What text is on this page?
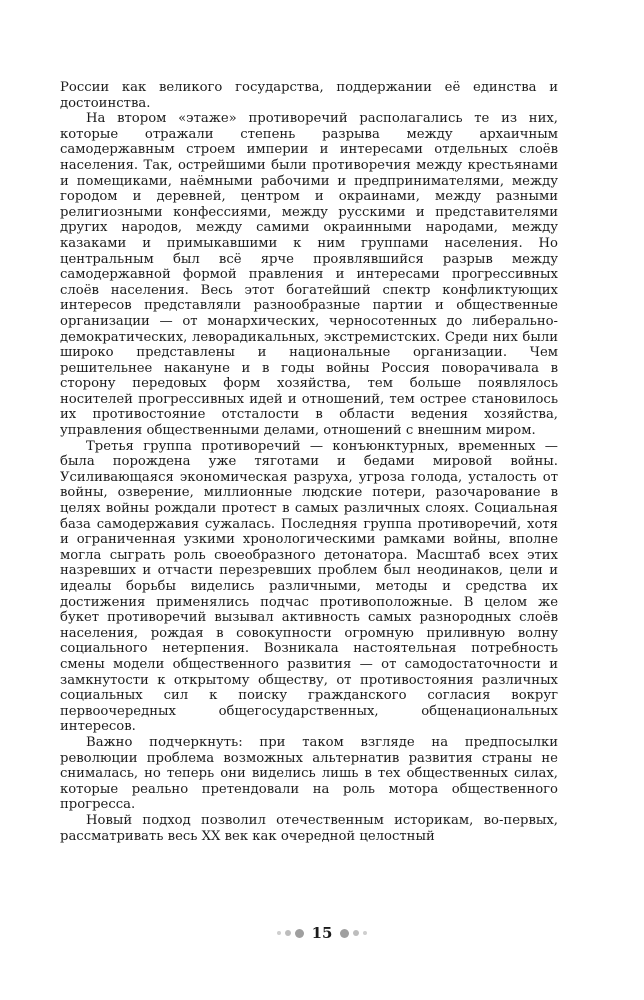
России как великого государства, поддержании её единства и достоинства.

На втором «этаже» противоречий располагались те из них, которые отражали степень разрыва между архаичным самодержавным строем империи и интересами отдельных слоёв населения. Так, острейшими были противоречия между крестьянами и помещиками, наёмными рабочими и предпринимателями, между городом и деревней, центром и окраинами, между разными религиозными конфессиями, между русскими и представителями других народов, между самими окраинными народами, между казаками и примыкавшими к ним группами населения. Но центральным был всё ярче проявлявшийся разрыв между самодержавной формой правления и интересами прогрессивных слоёв населения. Весь этот богатейший спектр конфликтующих интересов представляли разнообразные партии и общественные организации — от монархических, черносотенных до либерально-демократических, леворадикальных, экстремистских. Среди них были широко представлены и национальные организации. Чем решительнее накануне и в годы войны Россия поворачивала в сторону передовых форм хозяйства, тем больше появлялось носителей прогрессивных идей и отношений, тем острее становилось их противостояние отсталости в области ведения хозяйства, управления общественными делами, отношений с внешним миром.

Третья группа противоречий — конъюнктурных, временных — была порождена уже тяготами и бедами мировой войны. Усиливающаяся экономическая разруха, угроза голода, усталость от войны, озверение, миллионные людские потери, разочарование в целях войны рождали протест в самых различных слоях. Социальная база самодержавия сужалась. Последняя группа противоречий, хотя и ограниченная узкими хронологическими рамками войны, вполне могла сыграть роль своеобразного детонатора. Масштаб всех этих назревших и отчасти перезревших проблем был неодинаков, цели и идеалы борьбы виделись различными, методы и средства их достижения применялись подчас противоположные. В целом же букет противоречий вызывал активность самых разнородных слоёв населения, рождая в совокупности огромную приливную волну социального нетерпения. Возникала настоятельная потребность смены модели общественного развития — от самодостаточности и замкнутости к открытому обществу, от противостояния различных социальных сил к поиску гражданского согласия вокруг первоочередных общегосударственных, общенациональных интересов.

Важно подчеркнуть: при таком взгляде на предпосылки революции проблема возможных альтернатив развития страны не снималась, но теперь они виделись лишь в тех общественных силах, которые реально претендовали на роль мотора общественного прогресса.

Новый подход позволил отечественным историкам, во-первых, рассматривать весь XX век как очередной целостный

15
